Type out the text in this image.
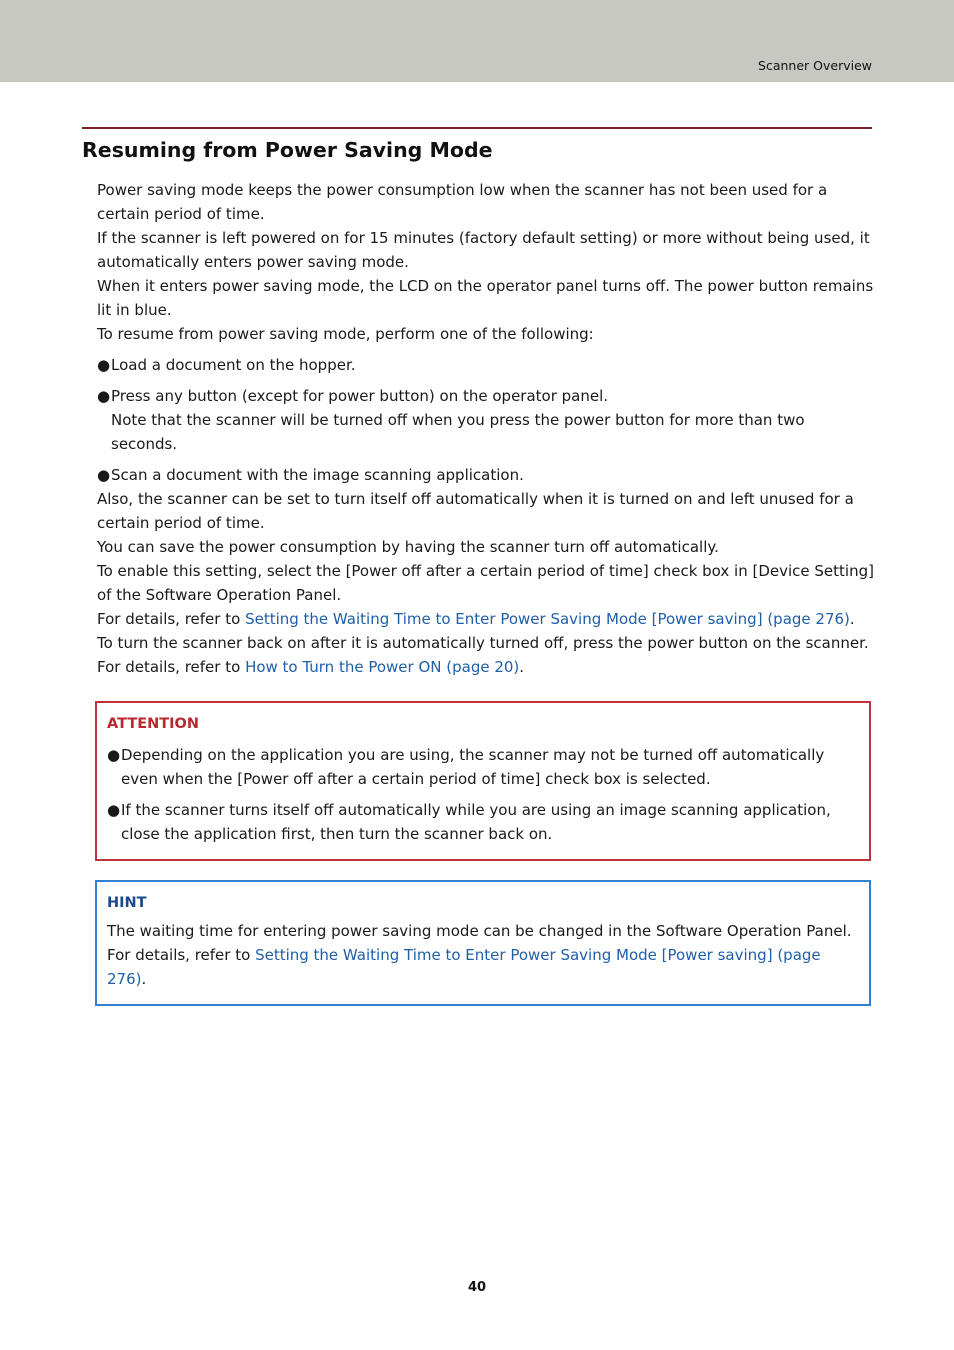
Scanner Overview
Resuming from Power Saving Mode

Power saving mode keeps the power consumption low when the scanner has not been used for a certain period of time.

If the scanner is left powered on for 15 minutes (factory default setting) or more without being used, it automatically enters power saving mode.

When it enters power saving mode, the LCD on the operator panel turns off. The power button remains lit in blue.

To resume from power saving mode, perform one of the following:

● Load a document on the hopper.
● Press any button (except for power button) on the operator panel.

Note that the scanner will be turned off when you press the power button for more than two seconds.

● Scan a document with the image scanning application.

Also, the scanner can be set to turn itself off automatically when it is turned on and left unused for a certain period of time.

You can save the power consumption by having the scanner turn off automatically.

To enable this setting, select the [Power off after a certain period of time] check box in [Device Setting] of the Software Operation Panel.

For details, refer to Setting the Waiting Time to Enter Power Saving Mode [Power saving] (page 276).

To turn the scanner back on after it is automatically turned off, press the power button on the scanner.

For details, refer to How to Turn the Power ON (page 20).

ATTENTION

● Depending on the application you are using, the scanner may not be turned off automatically even when the [Power off after a certain period of time] check box is selected.
● If the scanner turns itself off automatically while you are using an image scanning application, close the application first, then turn the scanner back on.

HINT

The waiting time for entering power saving mode can be changed in the Software Operation Panel.

For details, refer to Setting the Waiting Time to Enter Power Saving Mode [Power saving] (page 276).

40
